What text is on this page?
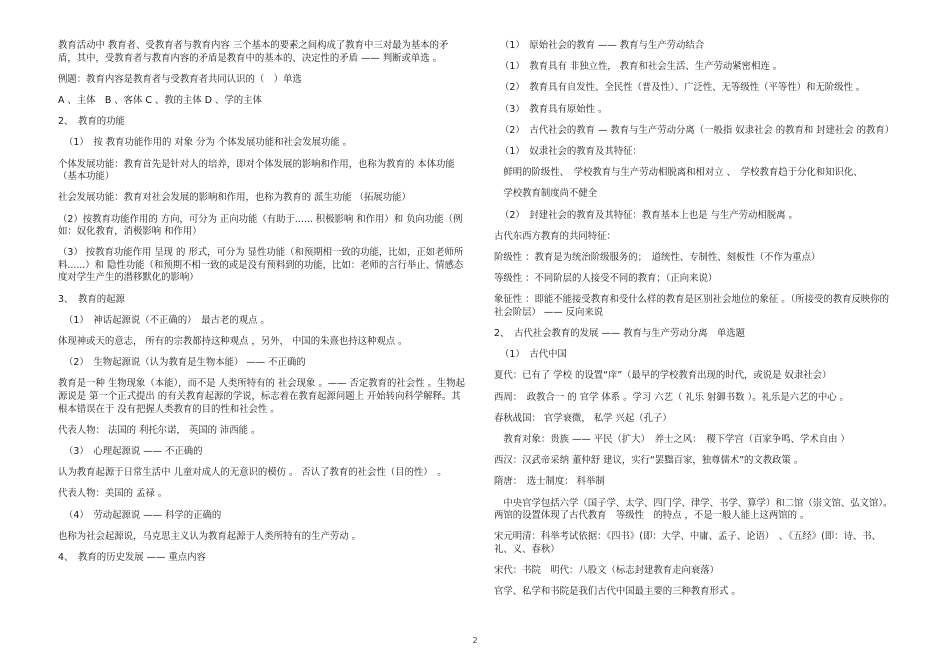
教育活动中 教育者、受教育者与教育内容 三个基本的要素之间构成了教育中三对最为基本的矛盾，其中，受教育者与教育内容的矛盾是教育中的基本的、决定性的矛盾 —— 判断或单选 。

例题：教育内容是教育者与受教育者共同认识的（　）单选

A 、主体　B 、客体 C 、教的主体 D 、学的主体

2、　教育的功能

（1）　按 教育功能作用的 对象 分为 个体发展功能和社会发展功能 。

个体发展功能：教育首先是针对人的培养，即对个体发展的影响和作用，也称为教育的 本体功能（基本功能）

社会发展功能：教育对社会发展的影响和作用，也称为教育的 派生功能 （拓展功能）

（2）按教育功能作用的 方向，可分为 正向功能（有助于...... 积极影响 和作用）和 负向功能（例如：奴化教育，消极影响 和作用）

（3） 按教育功能作用 呈现 的 形式，可分为 显性功能（和预期相一致的功能，比如，正如老师所料......）和 隐性功能（和预期不相一致的或是没有预料到的功能，比如：老师的言行举止、情感态度对学生产生的潜移默化的影响）

3、　教育的起源

（1）　神话起源说（不正确的）　最古老的观点 。

体现神或天的意志， 所有的宗教都持这种观点 ，另外， 中国的朱熹也持这种观点 。

（2）　生物起源说（认为教育是生物本能） —— 不正确的

教育是一种 生物现象（本能），而不是 人类所特有的 社会现象 。—— 否定教育的社会性 。生物起源说是 第一个正式提出 的有关教育起源的学说，标志着在教育起源问题上 开始转向科学解释。其根本错误在于 没有把握人类教育的目的性和社会性 。

代表人物： 法国的 利托尔诺， 英国的 沛西能 。

（3）　心理起源说 —— 不正确的

认为教育起源于日常生活中 儿童对成人的无意识的模仿 。 否认了教育的社会性（目的性）　。

代表人物：美国的 孟禄 。

（4）　劳动起源说 —— 科学的正确的

也称为社会起源说，马克思主义认为教育起源于人类所特有的生产劳动 。

4、　教育的历史发展 —— 重点内容

（1）　原始社会的教育 —— 教育与生产劳动结合

（1）　教育具有 非独立性， 教育和社会生活、生产劳动紧密相连 。

（2）　教育具有自发性、全民性（普及性）、广泛性、无等级性（平等性）和无阶级性 。

（3）　教育具有原始性 。

（2）　古代社会的教育 — 教育与生产劳动分离（一般指 奴隶社会 的教育和 封建社会 的教育）

（1）　奴隶社会的教育及其特征：

　鲜明的阶级性、　学校教育与生产劳动相脱离和相对立 、　学校教育趋于分化和知识化、

　学校教育制度尚不健全

（2）　封建社会的教育及其特征：教育基本上也是 与生产劳动相脱离 。

古代东西方教育的共同特征：

阶级性 ：教育是为统治阶级服务的；　道统性、专制性、刻板性（不作为重点）

等级性 ：不同阶层的人接受不同的教育；（正向来说）

象征性 ：即能不能接受教育和受什么样的教育是区别社会地位的象征 。（所接受的教育反映你的社会阶层） —— 反向来说

2、　古代社会教育的发展 —— 教育与生产劳动分离　单选题

（1）　古代中国

夏代：已有了 学校 的设置“庠”（最早的学校教育出现的时代，或说是 奴隶社会）

西周：　政教合一 的 官学 体系 。学习 六艺（ 礼乐 射御书数 ）。礼乐是六艺的中心 。

春秋战国： 官学衰微， 私学 兴起（孔子）

　教育对象：贵族 —— 平民（扩大）　养士之风：　稷下学宫（百家争鸣、学术自由 ）

西汉：汉武帝采纳 董仲舒 建议，实行“罢黜百家，独尊儒术”的文教政策 。

隋唐：　选士制度： 科举制

　中央官学包括六学（国子学、太学、四门学、律学、书学、算学）和二馆（崇文馆、弘文馆）。两馆的设置体现了古代教育　等级性　的特点 ，不是一般人能上这两馆的 。

宋元明清：科举考试依据：《四书》(即：大学、中庸、孟子、论语）　、《五经》(即：诗、书、礼、义、春秋）

宋代：书院　明代：八股文（标志封建教育走向衰落）

官学、私学和书院是我们古代中国最主要的三种教育形式 。

2
